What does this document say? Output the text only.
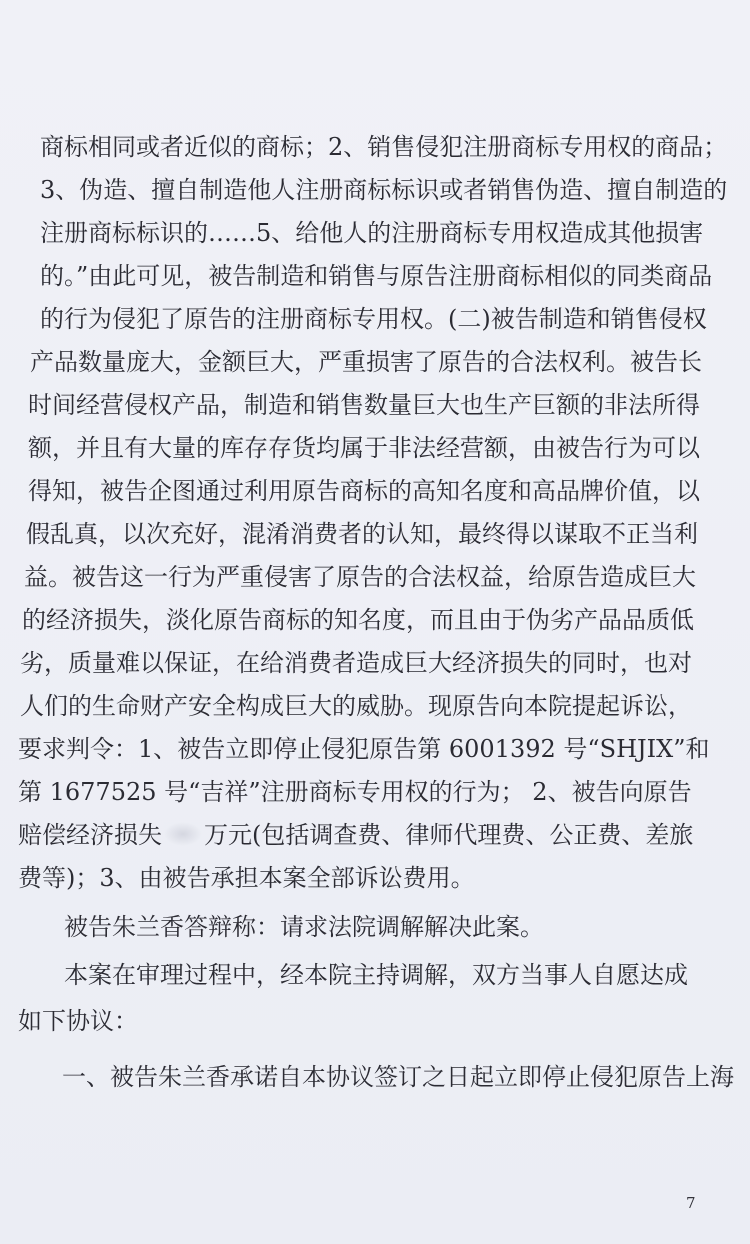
商标相同或者近似的商标；2、销售侵犯注册商标专用权的商品；
3、伪造、擅自制造他人注册商标标识或者销售伪造、擅自制造的
注册商标标识的……5、给他人的注册商标专用权造成其他损害
的。”由此可见，被告制造和销售与原告注册商标相似的同类商品
的行为侵犯了原告的注册商标专用权。(二)被告制造和销售侵权
产品数量庞大，金额巨大，严重损害了原告的合法权利。被告长
时间经营侵权产品，制造和销售数量巨大也生产巨额的非法所得
额，并且有大量的库存存货均属于非法经营额，由被告行为可以
得知，被告企图通过利用原告商标的高知名度和高品牌价值，以
假乱真，以次充好，混淆消费者的认知，最终得以谋取不正当利
益。被告这一行为严重侵害了原告的合法权益，给原告造成巨大
的经济损失，淡化原告商标的知名度，而且由于伪劣产品品质低
劣，质量难以保证，在给消费者造成巨大经济损失的同时，也对
人们的生命财产安全构成巨大的威胁。现原告向本院提起诉讼，
要求判令：1、被告立即停止侵犯原告第 6001392 号“SHJIX”和
第 1677525 号“吉祥”注册商标专用权的行为； 2、被告向原告
赔偿经济损失 万元(包括调查费、律师代理费、公正费、差旅
费等)；3、由被告承担本案全部诉讼费用。
被告朱兰香答辩称：请求法院调解解决此案。
本案在审理过程中，经本院主持调解，双方当事人自愿达成
如下协议：
一、被告朱兰香承诺自本协议签订之日起立即停止侵犯原告上海
7
